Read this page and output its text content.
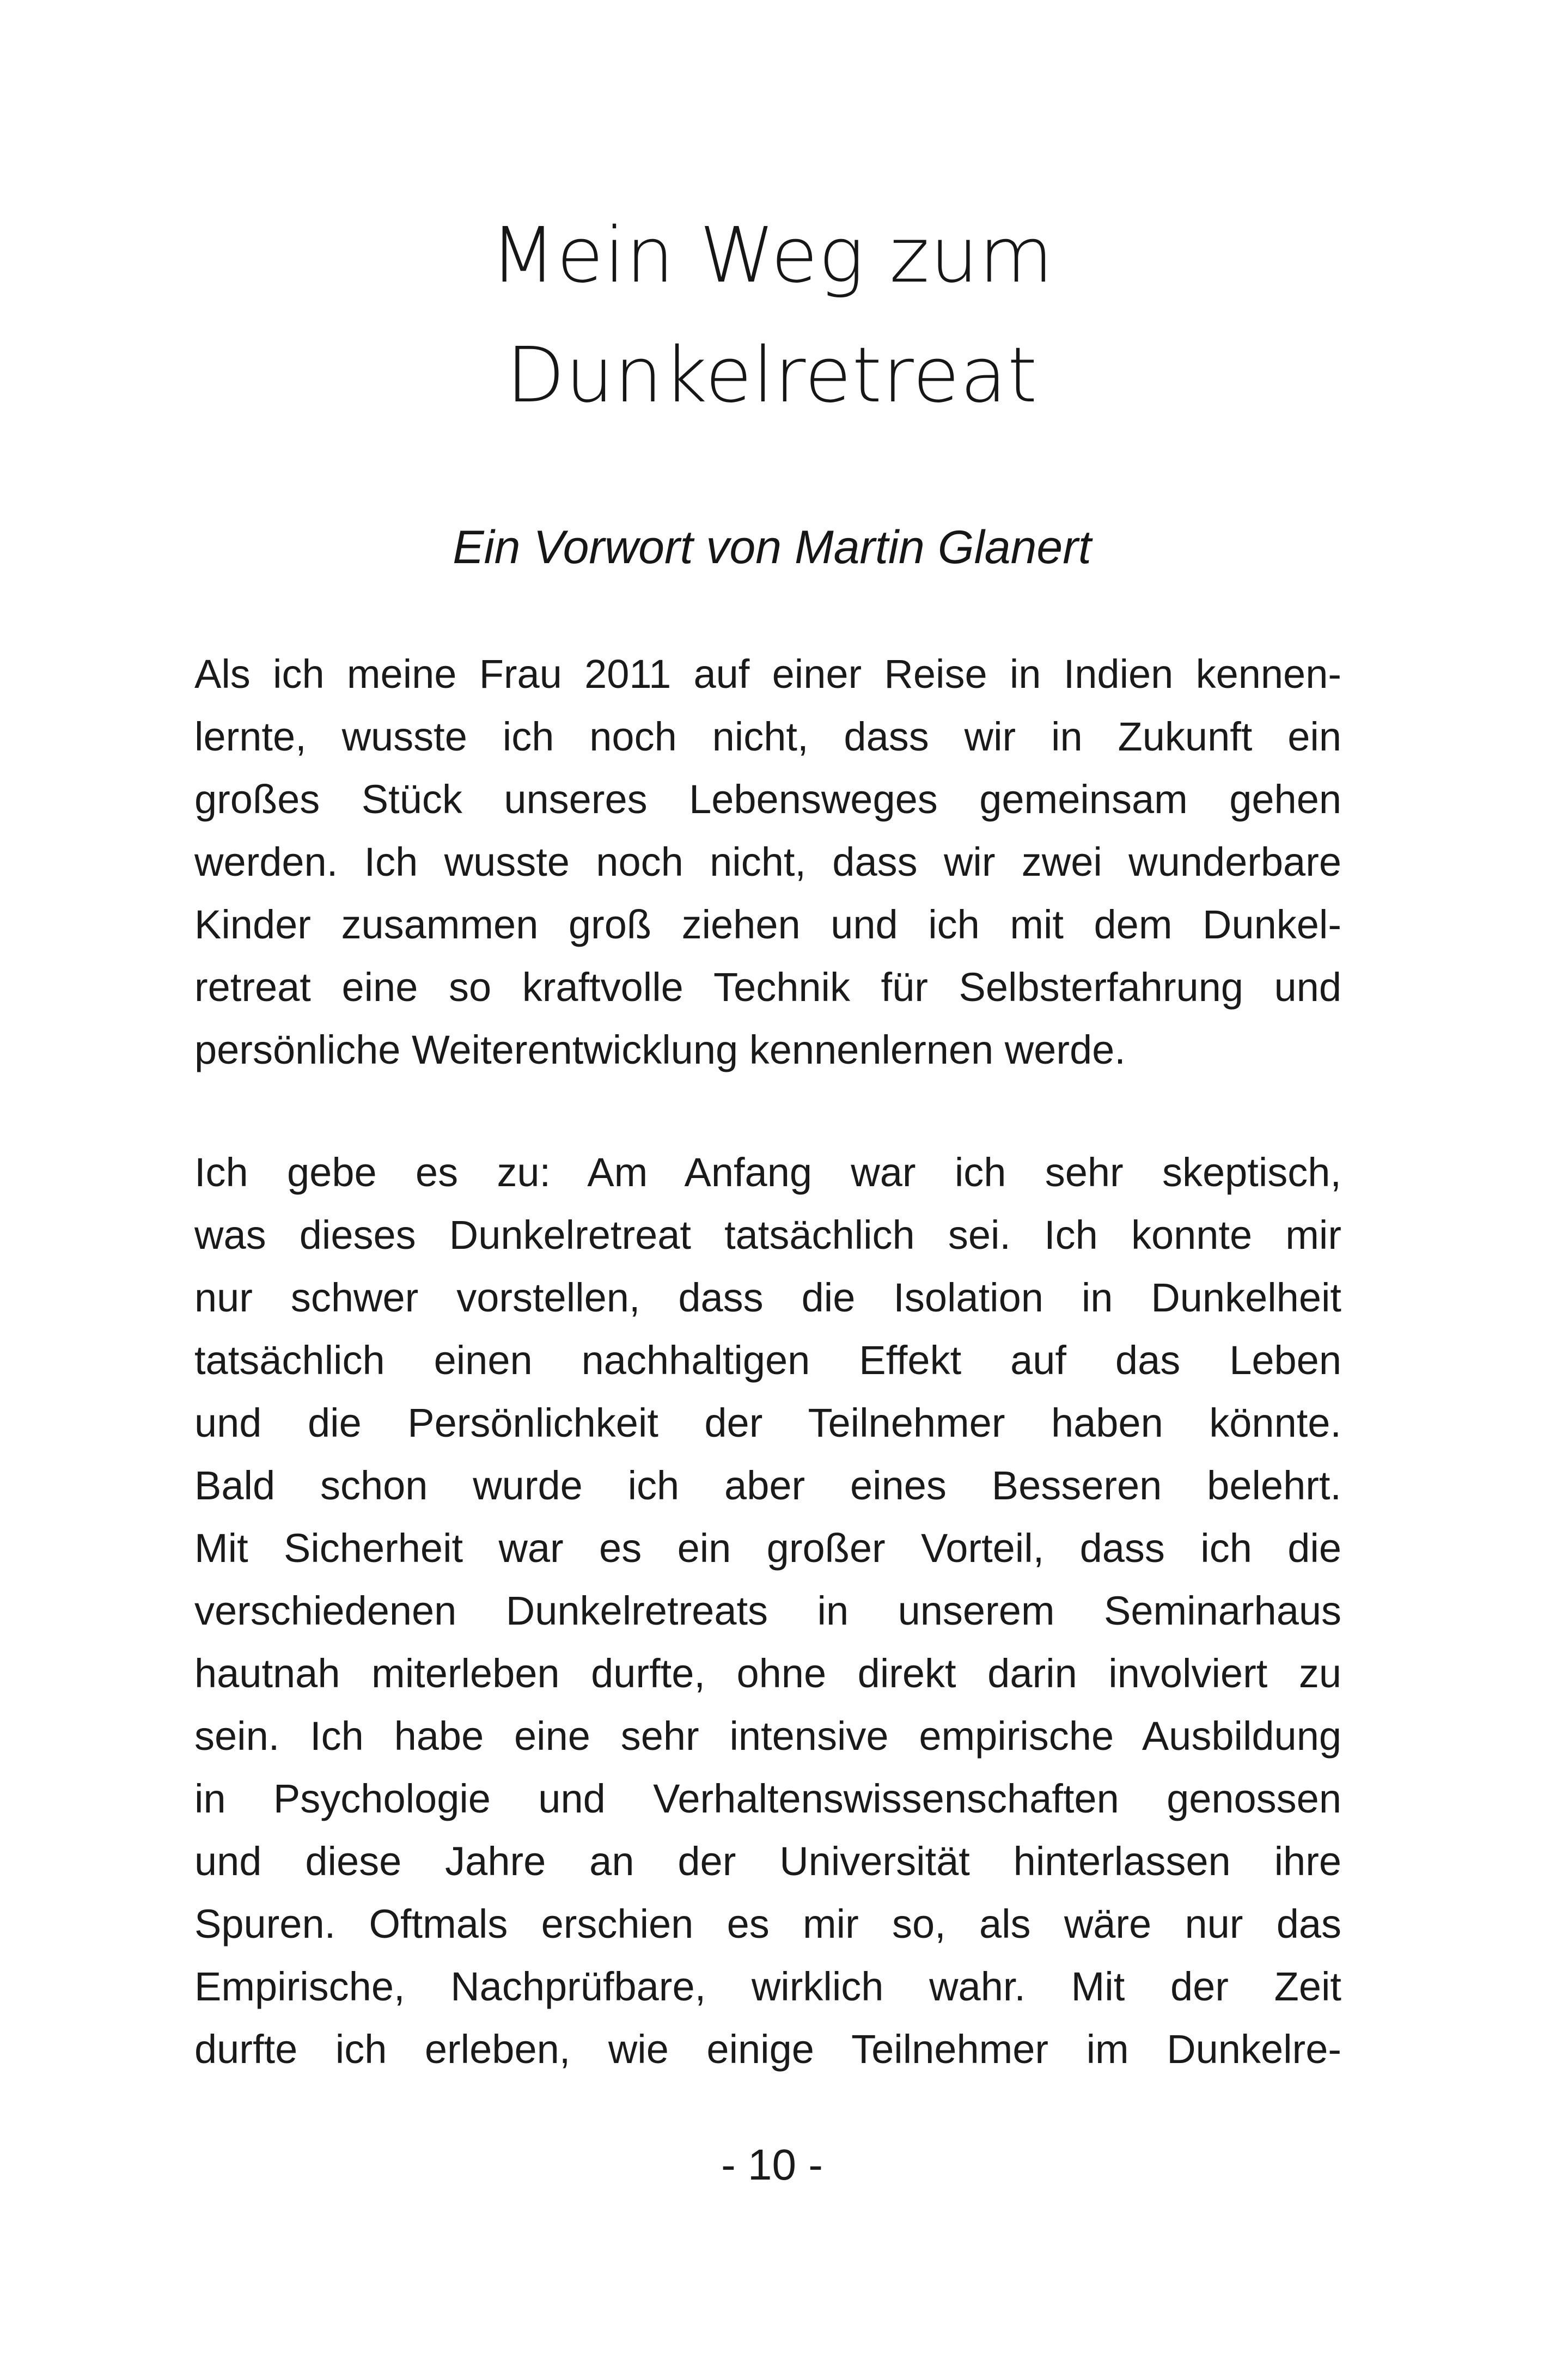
Mein Weg zum
Dunkelretreat
Ein Vorwort von Martin Glanert
Als ich meine Frau 2011 auf einer Reise in Indien kennen-
lernte, wusste ich noch nicht, dass wir in Zukunft ein
großes Stück unseres Lebensweges gemeinsam gehen
werden. Ich wusste noch nicht, dass wir zwei wunderbare
Kinder zusammen groß ziehen und ich mit dem Dunkel-
retreat eine so kraftvolle Technik für Selbsterfahrung und
persönliche Weiterentwicklung kennenlernen werde.
Ich gebe es zu: Am Anfang war ich sehr skeptisch,
was dieses Dunkelretreat tatsächlich sei. Ich konnte mir
nur schwer vorstellen, dass die Isolation in Dunkelheit
tatsächlich einen nachhaltigen Effekt auf das Leben
und die Persönlichkeit der Teilnehmer haben könnte.
Bald schon wurde ich aber eines Besseren belehrt.
Mit Sicherheit war es ein großer Vorteil, dass ich die
verschiedenen Dunkelretreats in unserem Seminarhaus
hautnah miterleben durfte, ohne direkt darin involviert zu
sein. Ich habe eine sehr intensive empirische Ausbildung
in Psychologie und Verhaltenswissenschaften genossen
und diese Jahre an der Universität hinterlassen ihre
Spuren. Oftmals erschien es mir so, als wäre nur das
Empirische, Nachprüfbare, wirklich wahr. Mit der Zeit
durfte ich erleben, wie einige Teilnehmer im Dunkelre-
- 10 -
